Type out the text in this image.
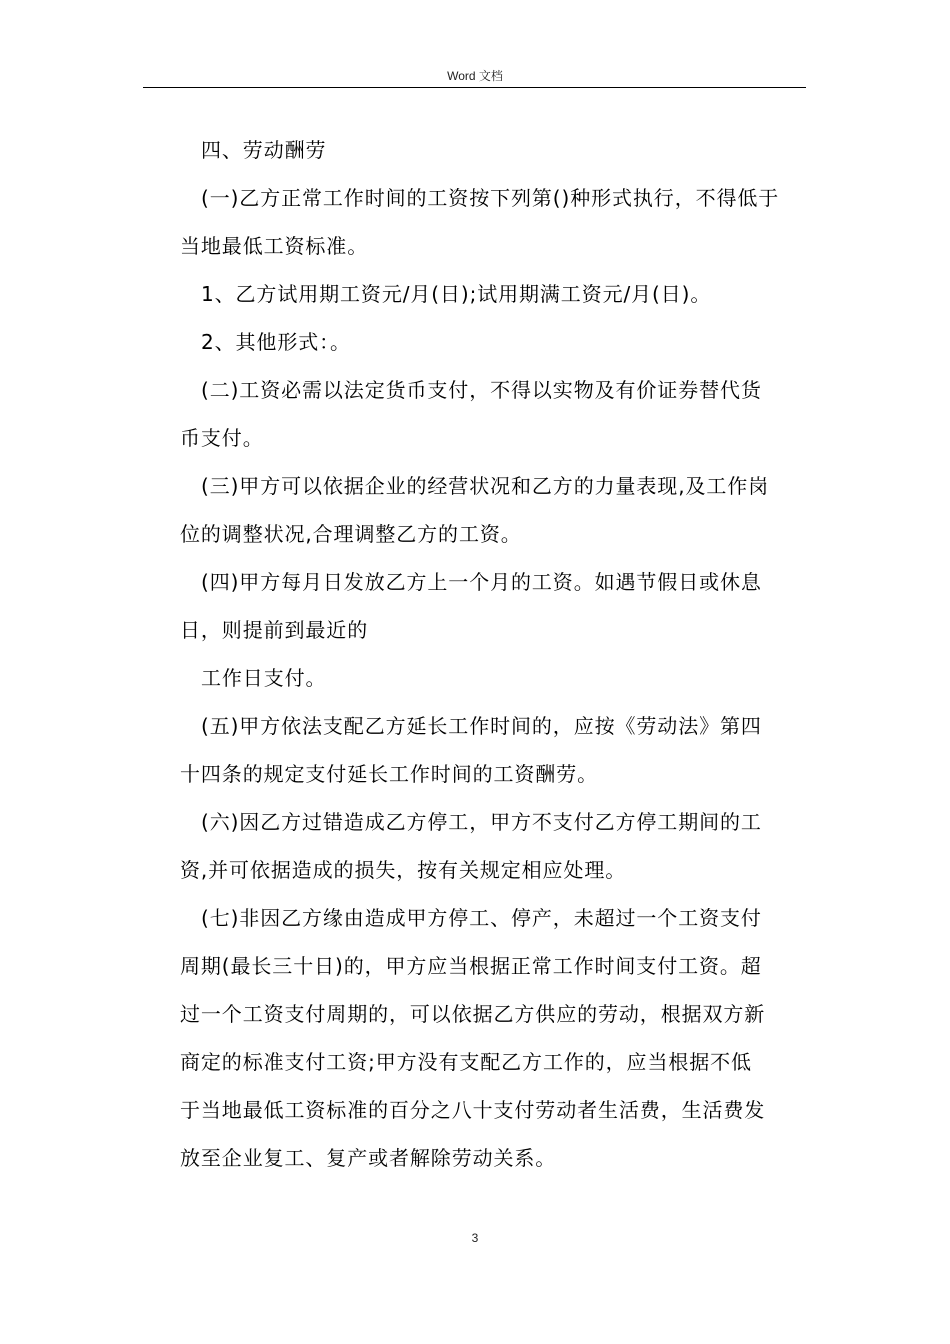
Word 文档

四、劳动酬劳

(一)乙方正常工作时间的工资按下列第()种形式执行，不得低于
当地最低工资标准。

1、乙方试用期工资元/月(日);试用期满工资元/月(日)。

2、其他形式：。

(二)工资必需以法定货币支付，不得以实物及有价证券替代货
币支付。

(三)甲方可以依据企业的经营状况和乙方的力量表现,及工作岗
位的调整状况,合理调整乙方的工资。

(四)甲方每月日发放乙方上一个月的工资。如遇节假日或休息
日，则提前到最近的

工作日支付。

(五)甲方依法支配乙方延长工作时间的，应按《劳动法》第四
十四条的规定支付延长工作时间的工资酬劳。

(六)因乙方过错造成乙方停工，甲方不支付乙方停工期间的工
资,并可依据造成的损失，按有关规定相应处理。

(七)非因乙方缘由造成甲方停工、停产，未超过一个工资支付
周期(最长三十日)的，甲方应当根据正常工作时间支付工资。超
过一个工资支付周期的，可以依据乙方供应的劳动，根据双方新
商定的标准支付工资;甲方没有支配乙方工作的，应当根据不低
于当地最低工资标准的百分之八十支付劳动者生活费，生活费发
放至企业复工、复产或者解除劳动关系。

3
